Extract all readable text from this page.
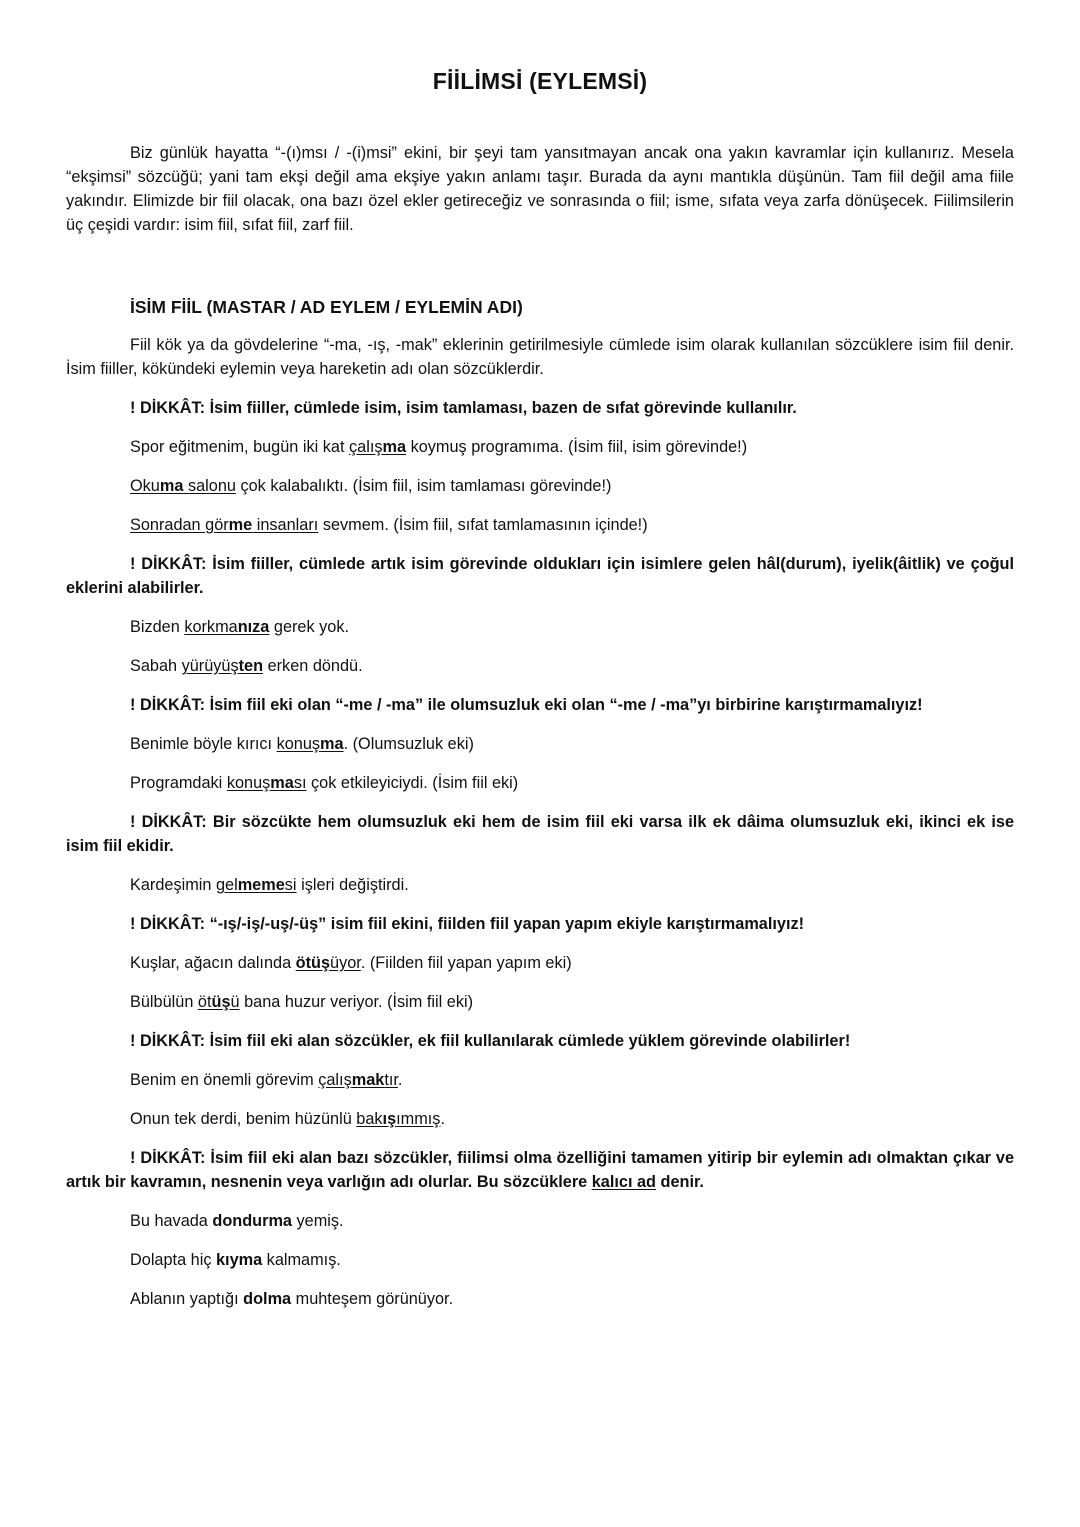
FİİLİMSİ (EYLEMSİ)

Biz günlük hayatta “-(ı)msı / -(i)msi” ekini, bir şeyi tam yansıtmayan ancak ona yakın kavramlar için kullanırız. Mesela “ekşimsi” sözcüğü; yani tam ekşi değil ama ekşiye yakın anlamı taşır. Burada da aynı mantıkla düşünün. Tam fiil değil ama fiile yakındır. Elimizde bir fiil olacak, ona bazı özel ekler getireceğiz ve sonrasında o fiil; isme, sıfata veya zarfa dönüşecek. Fiilimsilerin üç çeşidi vardır: isim fiil, sıfat fiil, zarf fiil.

İSİM FİİL (MASTAR / AD EYLEM / EYLEMİN ADI)

Fiil kök ya da gövdelerine “-ma, -ış, -mak” eklerinin getirilmesiyle cümlede isim olarak kullanılan sözcüklere isim fiil denir. İsim fiiller, kökündeki eylemin veya hareketin adı olan sözcüklerdir.

! DİKKÂT: İsim fiiller, cümlede isim, isim tamlaması, bazen de sıfat görevinde kullanılır.

Spor eğitmenim, bugün iki kat çalışma koymuş programıma. (İsim fiil, isim görevinde!)

Okuma salonu çok kalabalıktı. (İsim fiil, isim tamlaması görevinde!)

Sonradan görme insanları sevmem. (İsim fiil, sıfat tamlamasının içinde!)

! DİKKÂT: İsim fiiller, cümlede artık isim görevinde oldukları için isimlere gelen hâl(durum), iyelik(âitlik) ve çoğul eklerini alabilirler.

Bizden korkmanıza gerek yok.

Sabah yürüyüşten erken döndü.

! DİKKÂT: İsim fiil eki olan “-me / -ma” ile olumsuzluk eki olan “-me / -ma”yı birbirine karıştırmamalıyız!

Benimle böyle kırıcı konuşma. (Olumsuzluk eki)

Programdaki konuşması çok etkileyiciydi. (İsim fiil eki)

! DİKKÂT: Bir sözcükte hem olumsuzluk eki hem de isim fiil eki varsa ilk ek dâima olumsuzluk eki, ikinci ek ise isim fiil ekidir.

Kardeşimin gelmemesi işleri değiştirdi.

! DİKKÂT: “-ış/-iş/-uş/-üş” isim fiil ekini, fiilden fiil yapan yapım ekiyle karıştırmamalıyız!

Kuşlar, ağacın dalında ötüşüyor. (Fiilden fiil yapan yapım eki)

Bülbülün ötüşü bana huzur veriyor. (İsim fiil eki)

! DİKKÂT: İsim fiil eki alan sözcükler, ek fiil kullanılarak cümlede yüklem görevinde olabilirler!

Benim en önemli görevim çalışmaktır.

Onun tek derdi, benim hüzünlü bakışımmış.

! DİKKÂT: İsim fiil eki alan bazı sözcükler, fiilimsi olma özelliğini tamamen yitirip bir eylemin adı olmaktan çıkar ve artık bir kavramın, nesnenin veya varlığın adı olurlar. Bu sözcüklere kalıcı ad denir.

Bu havada dondurma yemiş.

Dolapta hiç kıyma kalmamış.

Ablanın yaptığı dolma muhteşem görünüyor.
